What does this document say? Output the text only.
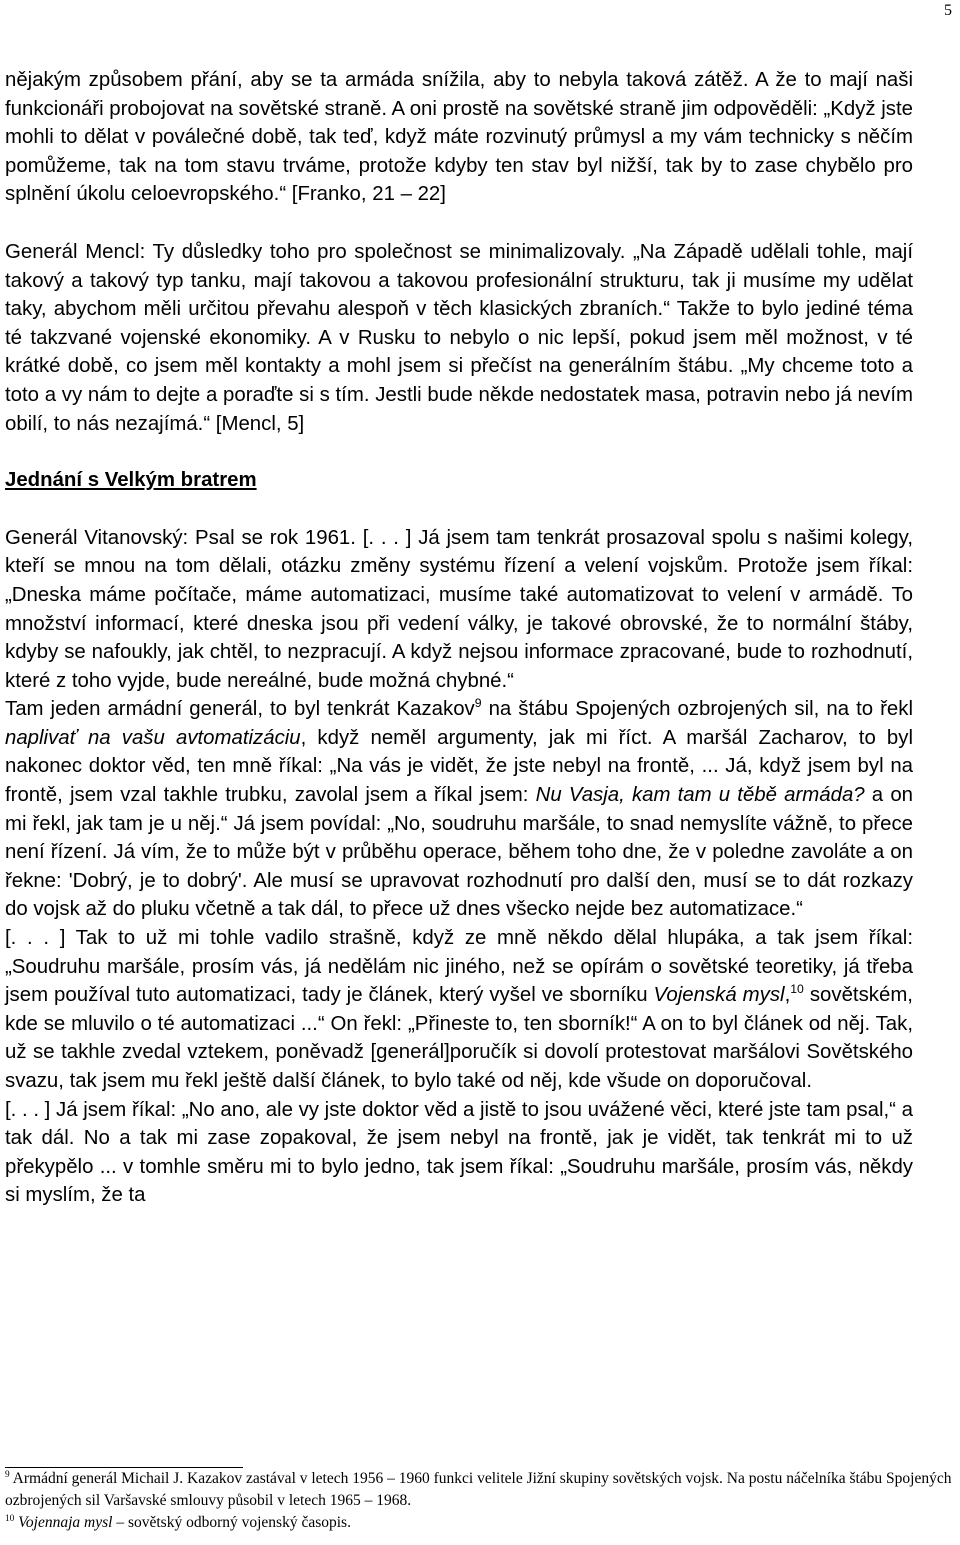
5

nějakým způsobem přání, aby se ta armáda snížila, aby to nebyla taková zátěž. A že to mají naši funkcionáři probojovat na sovětské straně. A oni prostě na sovětské straně jim odpověděli: „Když jste mohli to dělat v poválečné době, tak teď, když máte rozvinutý průmysl a my vám technicky s něčím pomůžeme, tak na tom stavu trváme, protože kdyby ten stav byl nižší, tak by to zase chybělo pro splnění úkolu celoevropského.“ [Franko, 21 – 22]

Generál Mencl: Ty důsledky toho pro společnost se minimalizovaly. „Na Západě udělali tohle, mají takový a takový typ tanku, mají takovou a takovou profesionální strukturu, tak ji musíme my udělat taky, abychom měli určitou převahu alespoň v těch klasických zbraních.“ Takže to bylo jediné téma té takzvané vojenské ekonomiky. A v Rusku to nebylo o nic lepší, pokud jsem měl možnost, v té krátké době, co jsem měl kontakty a mohl jsem si přečíst na generálním štábu. „My chceme toto a toto a vy nám to dejte a poraďte si s tím. Jestli bude někde nedostatek masa, potravin nebo já nevím obilí, to nás nezajímá.“ [Mencl, 5]

Jednání s Velkým bratrem

Generál Vitanovský: Psal se rok 1961. [. . . ] Já jsem tam tenkrát prosazoval spolu s našimi kolegy, kteří se mnou na tom dělali, otázku změny systému řízení a velení vojskům. Protože jsem říkal: „Dneska máme počítače, máme automatizaci, musíme také automatizovat to velení v armádě. To množství informací, které dneska jsou při vedení války, je takové obrovské, že to normální štáby, kdyby se nafoukly, jak chtěl, to nezpracují. A když nejsou informace zpracované, bude to rozhodnutí, které z toho vyjde, bude nereálné, bude možná chybné.“

Tam jeden armádní generál, to byl tenkrát Kazakov$^9$ na štábu Spojených ozbrojených sil, na to řekl naplivať na vašu avtomatizáciu, když neměl argumenty, jak mi říct. A maršál Zacharov, to byl nakonec doktor věd, ten mně říkal: „Na vás je vidět, že jste nebyl na frontě, ... Já, když jsem byl na frontě, jsem vzal takhle trubku, zavolal jsem a říkal jsem: Nu Vasja, kam tam u těbě armáda? a on mi řekl, jak tam je u něj.“ Já jsem povídal: „No, soudruhu maršále, to snad nemyslíte vážně, to přece není řízení. Já vím, že to může být v průběhu operace, během toho dne, že v poledne zavoláte a on řekne: 'Dobrý, je to dobrý'. Ale musí se upravovat rozhodnutí pro další den, musí se to dát rozkazy do vojsk až do pluku včetně a tak dál, to přece už dnes všecko nejde bez automatizace.“

[. . . ] Tak to už mi tohle vadilo strašně, když ze mně někdo dělal hlupáka, a tak jsem říkal: „Soudruhu maršále, prosím vás, já nedělám nic jiného, než se opírám o sovětské teoretiky, já třeba jsem používal tuto automatizaci, tady je článek, který vyšel ve sborníku Vojenská mysl,$^{10}$ sovětském, kde se mluvilo o té automatizaci ...“ On řekl: „Přineste to, ten sborník!“ A on to byl článek od něj. Tak, už se takhle zvedal vztekem, poněvadž [generál]poručík si dovolí protestovat maršálovi Sovětského svazu, tak jsem mu řekl ještě další článek, to bylo také od něj, kde všude on doporučoval.

[. . . ] Já jsem říkal: „No ano, ale vy jste doktor věd a jistě to jsou uvážené věci, které jste tam psal,“ a tak dál. No a tak mi zase zopakoval, že jsem nebyl na frontě, jak je vidět, tak tenkrát mi to už překypělo ... v tomhle směru mi to bylo jedno, tak jsem říkal: „Soudruhu maršále, prosím vás, někdy si myslím, že ta

$^9$ Armádní generál Michail J. Kazakov zastával v letech 1956 – 1960 funkci velitele Jižní skupiny sovětských vojsk. Na postu náčelníka štábu Spojených ozbrojených sil Varšavské smlouvy působil v letech 1965 – 1968.

$^{10}$ Vojennaja mysl – sovětský odborný vojenský časopis.
